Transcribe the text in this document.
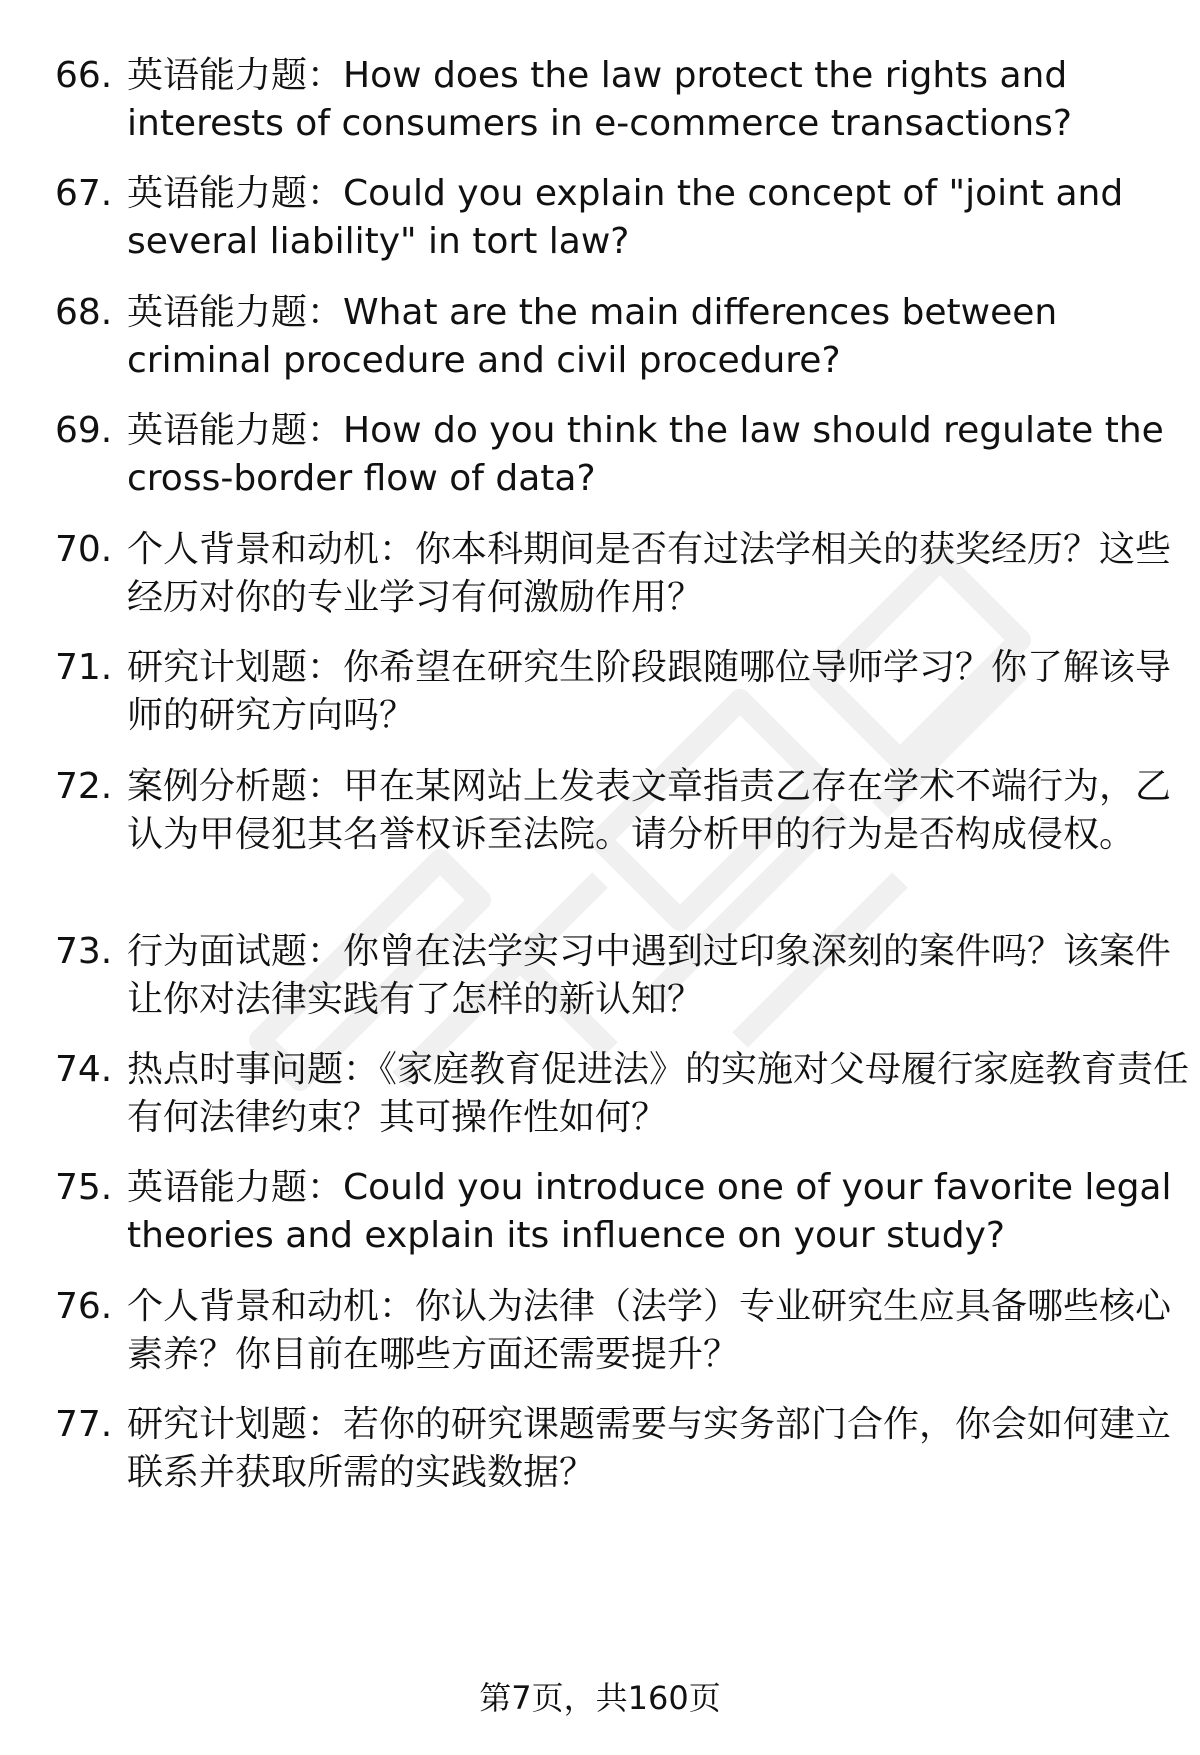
66. 英语能力题：How does the law protect the rights and interests of consumers in e-commerce transactions?
67. 英语能力题：Could you explain the concept of "joint and several liability" in tort law?
68. 英语能力题：What are the main differences between criminal procedure and civil procedure?
69. 英语能力题：How do you think the law should regulate the cross-border flow of data?
70. 个人背景和动机：你本科期间是否有过法学相关的获奖经历？这些经历对你的专业学习有何激励作用？
71. 研究计划题：你希望在研究生阶段跟随哪位导师学习？你了解该导师的研究方向吗？
72. 案例分析题：甲在某网站上发表文章指责乙存在学术不端行为，乙认为甲侵犯其名誉权诉至法院。请分析甲的行为是否构成侵权。
73. 行为面试题：你曾在法学实习中遇到过印象深刻的案件吗？该案件让你对法律实践有了怎样的新认知？
74. 热点时事问题：《家庭教育促进法》的实施对父母履行家庭教育责任有何法律约束？其可操作性如何？
75. 英语能力题：Could you introduce one of your favorite legal theories and explain its influence on your study?
76. 个人背景和动机：你认为法律（法学）专业研究生应具备哪些核心素养？你目前在哪些方面还需要提升？
77. 研究计划题：若你的研究课题需要与实务部门合作，你会如何建立联系并获取所需的实践数据？
第7页，共160页
